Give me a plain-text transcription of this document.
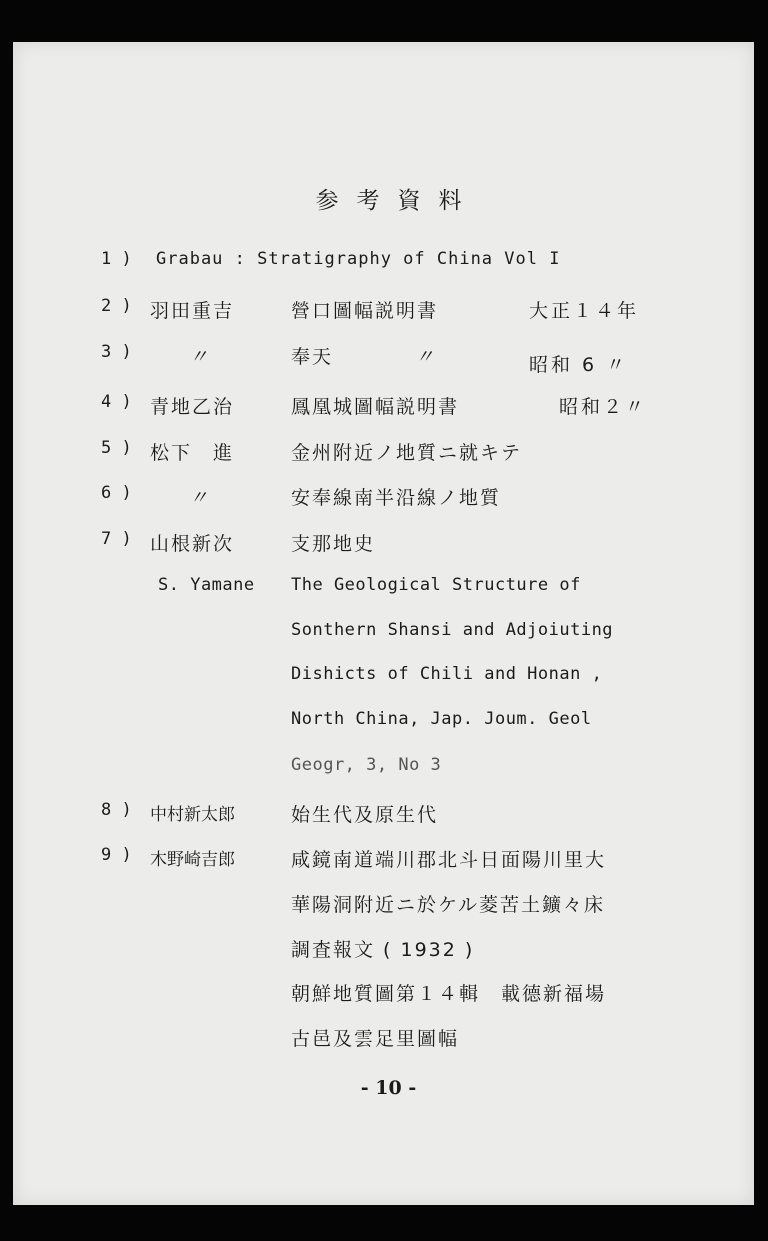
参考資料
1 )	Grabau : Stratigraphy of China Vol I
2 ) 羽田重吉	營口圖幅説明書	大正１４年
3 )	〃	奉天	〃	昭和 6 〃
4 ) 青地乙治	鳳凰城圖幅説明書	昭和２〃
5 ) 松下　進	金州附近ノ地質ニ就キテ
6 )	〃	安奉線南半沿線ノ地質
7 ) 山根新次	支那地史
S. Yamane The Geological Structure of
Sonthern Shansi and Adjoiuting
Dishicts of Chili and Honan ,
North China, Jap. Joum. Geol
Geogr, 3, No 3
8 )	中村新太郎	始生代及原生代
9 )	木野崎吉郎	咸鏡南道端川郡北斗日面陽川里大
華陽洞附近ニ於ケル菱苦土鑛々床
調査報文 ( 1932 )
朝鮮地質圖第１４輯　載德新福場
古邑及雲足里圖幅
- 10 -
